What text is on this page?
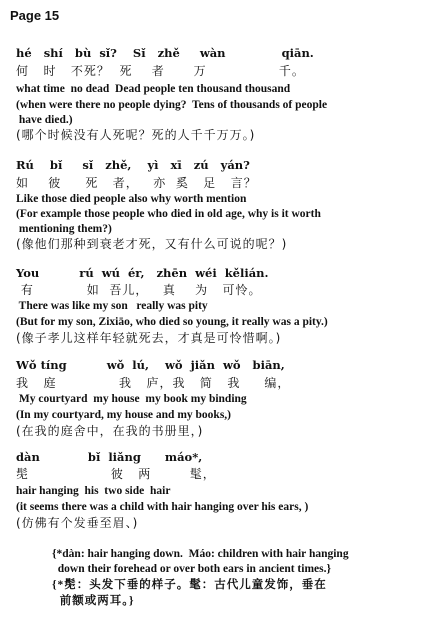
Page 15
hé   shí   bù  sǐ?    Sǐ   zhě     wàn              qiān.
何   时   不死？  死    者      万               千。
what time  no dead  Dead people ten thousand thousand
(when were there no people dying?  Tens of thousands of people
have died.)
(哪个时候没有人死呢？死的人千千万万。)
Rú    bǐ     sǐ   zhě,    yì   xī   zú   yán?
如    彼     死   者，   亦  奚   足   言？
Like those died people also why worth mention
(For example those people who died in old age, why is it worth
mentioning them?)
(像他们那种到衰老才死，又有什么可说的呢？)
You          rú  wú  ér,   zhēn  wéi  kělián.
有           如  吾儿，   真    为   可怜。
There was like my son   really was pity
(But for my son, Zixiāo, who died so young, it really was a pity.)
(像子孝儿这样年轻就死去，才真是可怜惜啊。)
Wǒ tíng          wǒ  lú,    wǒ  jiǎn  wǒ   biān,
我   庭             我   庐，我   简   我     编，
My courtyard  my house  my book my binding
(In my courtyard, my house and my books,)
(在我的庭舍中，在我的书册里，)
dàn            bǐ  liǎng      máo*,
髧                 彼   两        髦，
hair hanging  his  two side  hair
(it seems there was a child with hair hanging over his ears, )
(仿佛有个发垂至眉、)
{*dàn: hair hanging down.  Máo: children with hair hanging
down their forehead or over both ears in ancient times.}
{*髧：头发下垂的样子。髦：古代儿童发饰，垂在
前额或两耳。}
